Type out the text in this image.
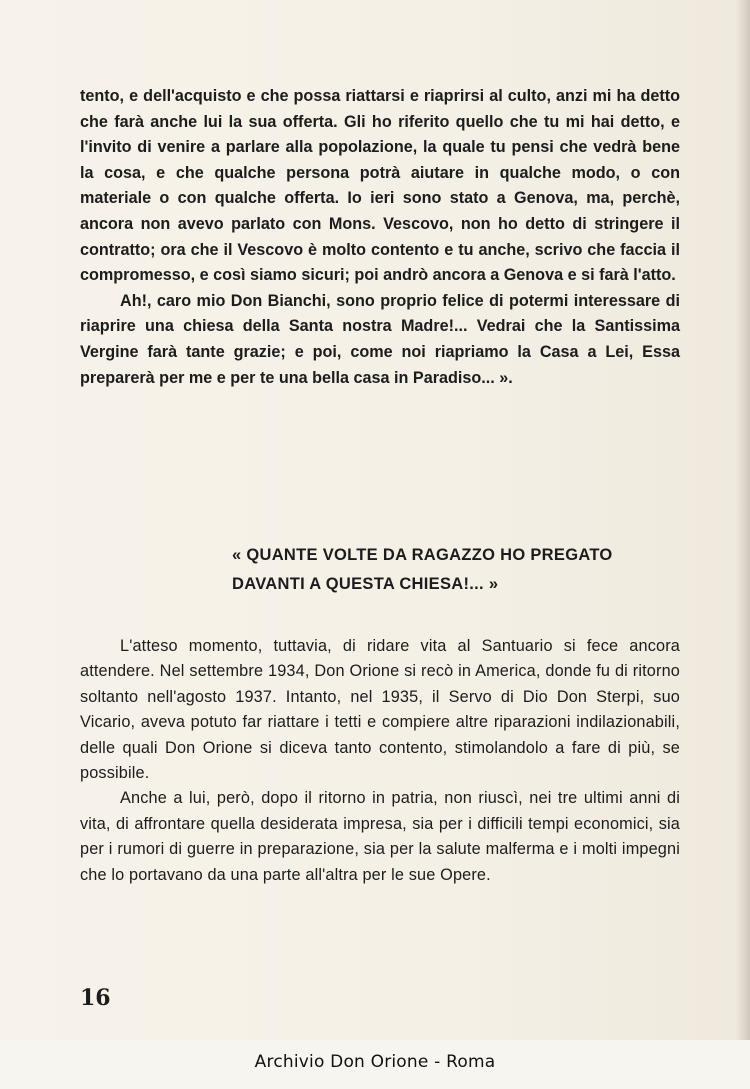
tento, e dell'acquisto e che possa riattarsi e riaprirsi al culto, anzi mi ha detto che farà anche lui la sua offerta. Gli ho riferito quello che tu mi hai detto, e l'invito di venire a parlare alla popolazione, la quale tu pensi che vedrà bene la cosa, e che qualche persona potrà aiutare in qualche modo, o con materiale o con qualche offerta. Io ieri sono stato a Genova, ma, perchè, ancora non avevo parlato con Mons. Vescovo, non ho detto di stringere il contratto; ora che il Vescovo è molto contento e tu anche, scrivo che faccia il compromesso, e così siamo sicuri; poi andrò ancora a Genova e si farà l'atto.

Ah!, caro mio Don Bianchi, sono proprio felice di potermi interessare di riaprire una chiesa della Santa nostra Madre!... Vedrai che la Santissima Vergine farà tante grazie; e poi, come noi riapriamo la Casa a Lei, Essa preparerà per me e per te una bella casa in Paradiso... ».

« QUANTE VOLTE DA RAGAZZO HO PREGATO
DAVANTI A QUESTA CHIESA!... »

L'atteso momento, tuttavia, di ridare vita al Santuario si fece ancora attendere. Nel settembre 1934, Don Orione si recò in America, donde fu di ritorno soltanto nell'agosto 1937. Intanto, nel 1935, il Servo di Dio Don Sterpi, suo Vicario, aveva potuto far riattare i tetti e compiere altre riparazioni indilazionabili, delle quali Don Orione si diceva tanto contento, stimolandolo a fare di più, se possibile.

Anche a lui, però, dopo il ritorno in patria, non riuscì, nei tre ultimi anni di vita, di affrontare quella desiderata impresa, sia per i difficili tempi economici, sia per i rumori di guerre in preparazione, sia per la salute malferma e i molti impegni che lo portavano da una parte all'altra per le sue Opere.

16
Archivio Don Orione - Roma
